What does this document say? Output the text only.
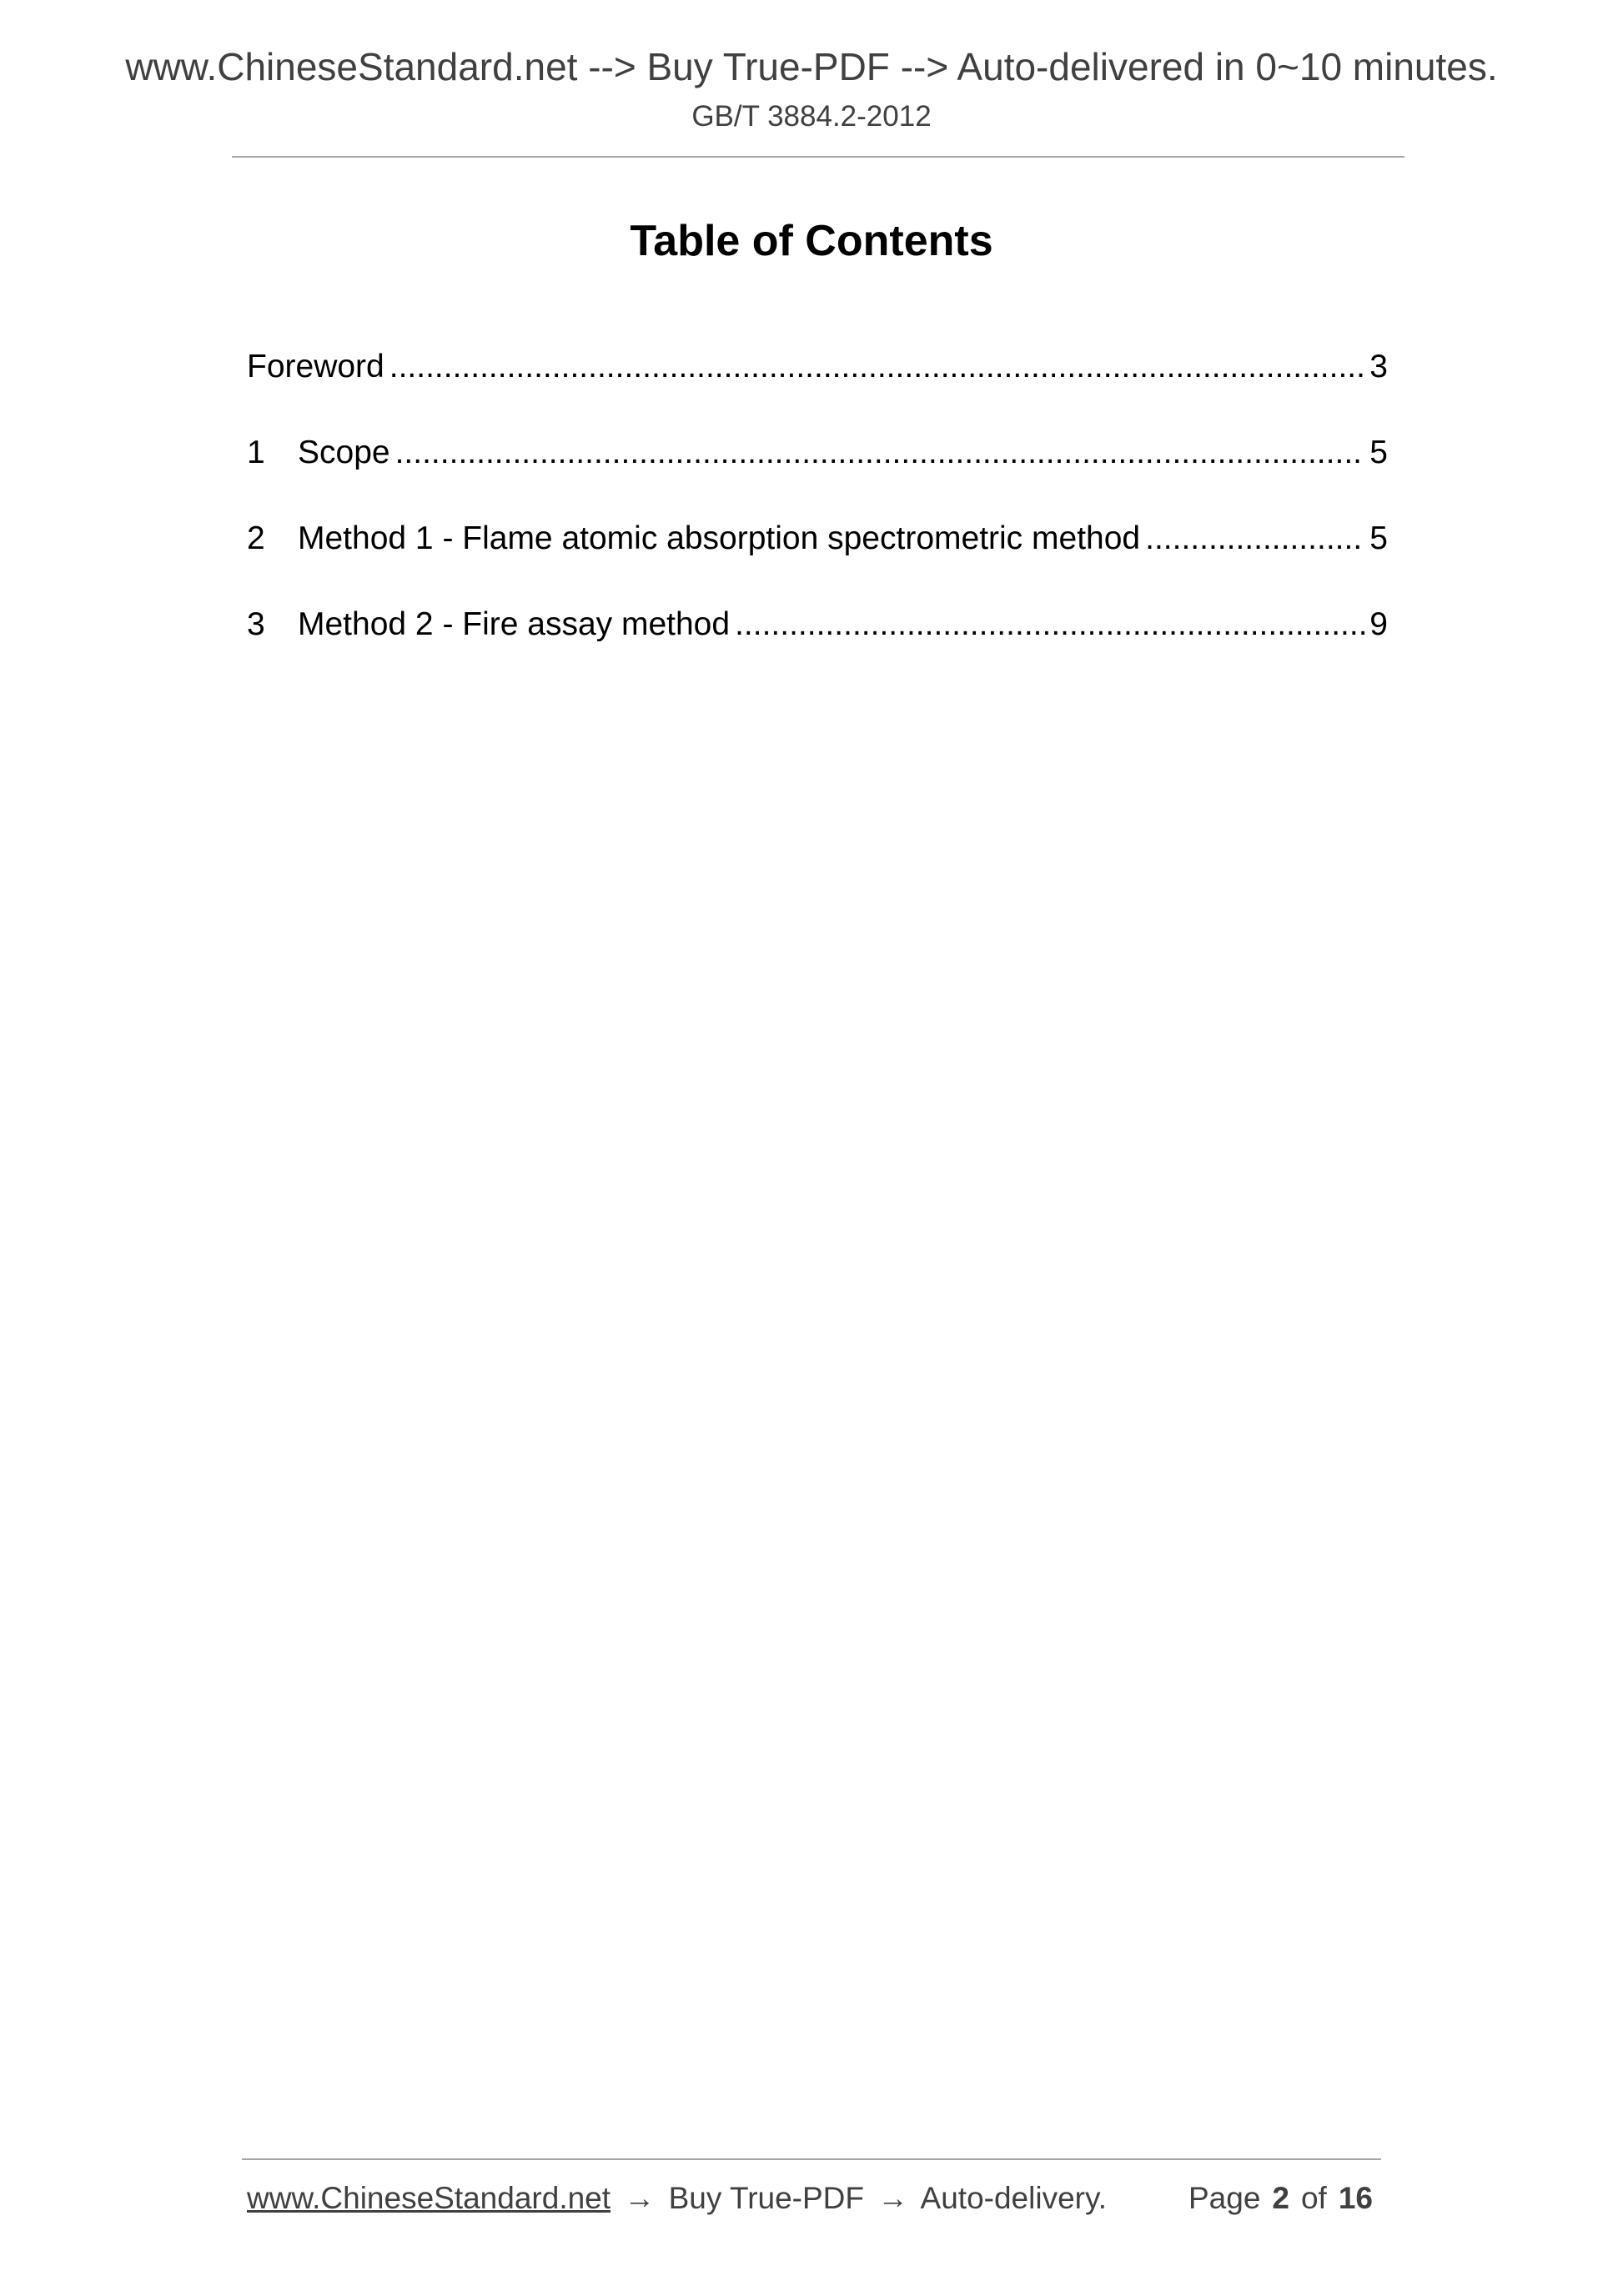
www.ChineseStandard.net --> Buy True-PDF --> Auto-delivered in 0~10 minutes.
GB/T 3884.2-2012
Table of Contents
Foreword .....	3
1	Scope .....	5
2	Method 1 - Flame atomic absorption spectrometric method .....	5
3	Method 2 - Fire assay method .....	9
www.ChineseStandard.net → Buy True-PDF → Auto-delivery.	Page 2 of 16
